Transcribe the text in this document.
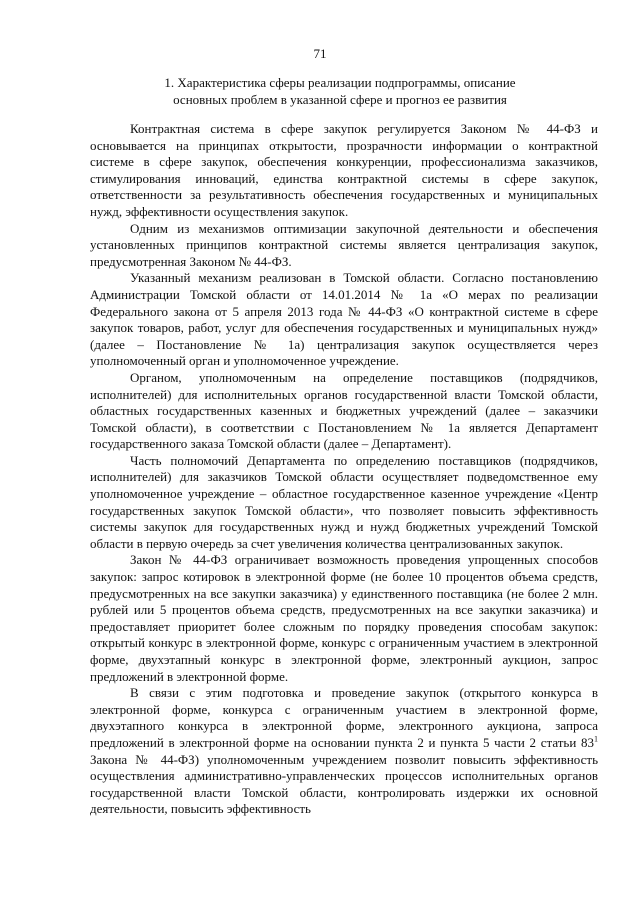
71
1. Характеристика сферы реализации подпрограммы, описание
основных проблем в указанной сфере и прогноз ее развития

Контрактная система в сфере закупок регулируется Законом № 44-ФЗ и основывается на принципах открытости, прозрачности информации о контрактной системе в сфере закупок, обеспечения конкуренции, профессионализма заказчиков, стимулирования инноваций, единства контрактной системы в сфере закупок, ответственности за результативность обеспечения государственных и муниципальных нужд, эффективности осуществления закупок.

Одним из механизмов оптимизации закупочной деятельности и обеспечения установленных принципов контрактной системы является централизация закупок, предусмотренная Законом № 44-ФЗ.

Указанный механизм реализован в Томской области. Согласно постановлению Администрации Томской области от 14.01.2014 № 1а «О мерах по реализации Федерального закона от 5 апреля 2013 года № 44-ФЗ «О контрактной системе в сфере закупок товаров, работ, услуг для обеспечения государственных и муниципальных нужд» (далее – Постановление № 1а) централизация закупок осуществляется через уполномоченный орган и уполномоченное учреждение.

Органом, уполномоченным на определение поставщиков (подрядчиков, исполнителей) для исполнительных органов государственной власти Томской области, областных государственных казенных и бюджетных учреждений (далее – заказчики Томской области), в соответствии с Постановлением № 1а является Департамент государственного заказа Томской области (далее – Департамент).

Часть полномочий Департамента по определению поставщиков (подрядчиков, исполнителей) для заказчиков Томской области осуществляет подведомственное ему уполномоченное учреждение – областное государственное казенное учреждение «Центр государственных закупок Томской области», что позволяет повысить эффективность системы закупок для государственных нужд и нужд бюджетных учреждений Томской области в первую очередь за счет увеличения количества централизованных закупок.

Закон № 44-ФЗ ограничивает возможность проведения упрощенных способов закупок: запрос котировок в электронной форме (не более 10 процентов объема средств, предусмотренных на все закупки заказчика) у единственного поставщика (не более 2 млн. рублей или 5 процентов объема средств, предусмотренных на все закупки заказчика) и предоставляет приоритет более сложным по порядку проведения способам закупок: открытый конкурс в электронной форме, конкурс с ограниченным участием в электронной форме, двухэтапный конкурс в электронной форме, электронный аукцион, запрос предложений в электронной форме.

В связи с этим подготовка и проведение закупок (открытого конкурса в электронной форме, конкурса с ограниченным участием в электронной форме, двухэтапного конкурса в электронной форме, электронного аукциона, запроса предложений в электронной форме на основании пункта 2 и пункта 5 части 2 статьи $83^1$ Закона № 44-ФЗ) уполномоченным учреждением позволит повысить эффективность осуществления административно-управленческих процессов исполнительных органов государственной власти Томской области, контролировать издержки их основной деятельности, повысить эффективность
